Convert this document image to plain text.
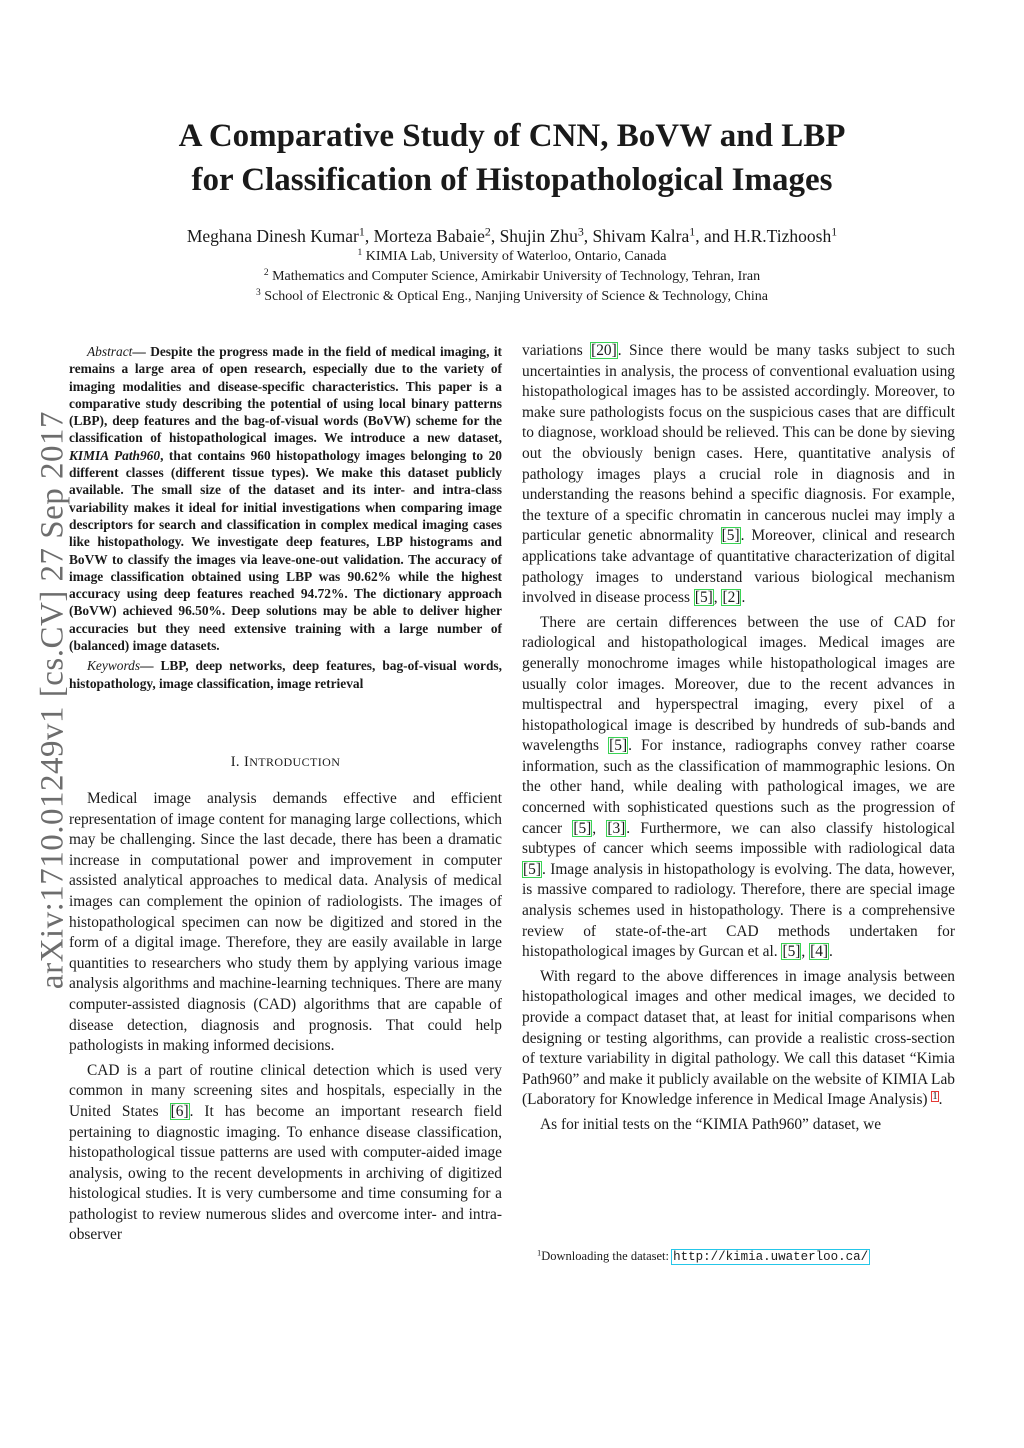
A Comparative Study of CNN, BoVW and LBP
for Classification of Histopathological Images
Meghana Dinesh Kumar$^1$, Morteza Babaie$^2$, Shujin Zhu$^3$, Shivam Kalra$^1$, and H.R.Tizhoosh$^1$
$^1$ KIMIA Lab, University of Waterloo, Ontario, Canada
$^2$ Mathematics and Computer Science, Amirkabir University of Technology, Tehran, Iran
$^3$ School of Electronic & Optical Eng., Nanjing University of Science & Technology, China
arXiv:1710.01249v1 [cs.CV] 27 Sep 2017

Abstract— Despite the progress made in the field of medical imaging, it remains a large area of open research, especially due to the variety of imaging modalities and disease-specific characteristics. This paper is a comparative study describing the potential of using local binary patterns (LBP), deep features and the bag-of-visual words (BoVW) scheme for the classification of histopathological images. We introduce a new dataset, KIMIA Path960, that contains 960 histopathology images belonging to 20 different classes (different tissue types). We make this dataset publicly available. The small size of the dataset and its inter- and intra-class variability makes it ideal for initial investigations when comparing image descriptors for search and classification in complex medical imaging cases like histopathology. We investigate deep features, LBP histograms and BoVW to classify the images via leave-one-out validation. The accuracy of image classification obtained using LBP was 90.62% while the highest accuracy using deep features reached 94.72%. The dictionary approach (BoVW) achieved 96.50%. Deep solutions may be able to deliver higher accuracies but they need extensive training with a large number of (balanced) image datasets.

Keywords— LBP, deep networks, deep features, bag-of-visual words, histopathology, image classification, image retrieval

I. INTRODUCTION

Medical image analysis demands effective and efficient representation of image content for managing large collections, which may be challenging. Since the last decade, there has been a dramatic increase in computational power and improvement in computer assisted analytical approaches to medical data. Analysis of medical images can complement the opinion of radiologists. The images of histopathological specimen can now be digitized and stored in the form of a digital image. Therefore, they are easily available in large quantities to researchers who study them by applying various image analysis algorithms and machine-learning techniques. There are many computer-assisted diagnosis (CAD) algorithms that are capable of disease detection, diagnosis and prognosis. That could help pathologists in making informed decisions.

CAD is a part of routine clinical detection which is used very common in many screening sites and hospitals, especially in the United States [6]. It has become an important research field pertaining to diagnostic imaging. To enhance disease classification, histopathological tissue patterns are used with computer-aided image analysis, owing to the recent developments in archiving of digitized histological studies. It is very cumbersome and time consuming for a pathologist to review numerous slides and overcome inter- and intra- observer

variations [20]. Since there would be many tasks subject to such uncertainties in analysis, the process of conventional evaluation using histopathological images has to be assisted accordingly. Moreover, to make sure pathologists focus on the suspicious cases that are difficult to diagnose, workload should be relieved. This can be done by sieving out the obviously benign cases. Here, quantitative analysis of pathology images plays a crucial role in diagnosis and in understanding the reasons behind a specific diagnosis. For example, the texture of a specific chromatin in cancerous nuclei may imply a particular genetic abnormality [5]. Moreover, clinical and research applications take advantage of quantitative characterization of digital pathology images to understand various biological mechanism involved in disease process [5], [2].

There are certain differences between the use of CAD for radiological and histopathological images. Medical images are generally monochrome images while histopathological images are usually color images. Moreover, due to the recent advances in multispectral and hyperspectral imaging, every pixel of a histopathological image is described by hundreds of sub-bands and wavelengths [5]. For instance, radiographs convey rather coarse information, such as the classification of mammographic lesions. On the other hand, while dealing with pathological images, we are concerned with sophisticated questions such as the progression of cancer [5], [3]. Furthermore, we can also classify histological subtypes of cancer which seems impossible with radiological data [5]. Image analysis in histopathology is evolving. The data, however, is massive compared to radiology. Therefore, there are special image analysis schemes used in histopathology. There is a comprehensive review of state-of-the-art CAD methods undertaken for histopathological images by Gurcan et al. [5], [4].

With regard to the above differences in image analysis between histopathological images and other medical images, we decided to provide a compact dataset that, at least for initial comparisons when designing or testing algorithms, can provide a realistic cross-section of texture variability in digital pathology. We call this dataset “Kimia Path960” and make it publicly available on the website of KIMIA Lab (Laboratory for Knowledge inference in Medical Image Analysis) $^1$.

As for initial tests on the “KIMIA Path960” dataset, we

$^1$Downloading the dataset: http://kimia.uwaterloo.ca/
